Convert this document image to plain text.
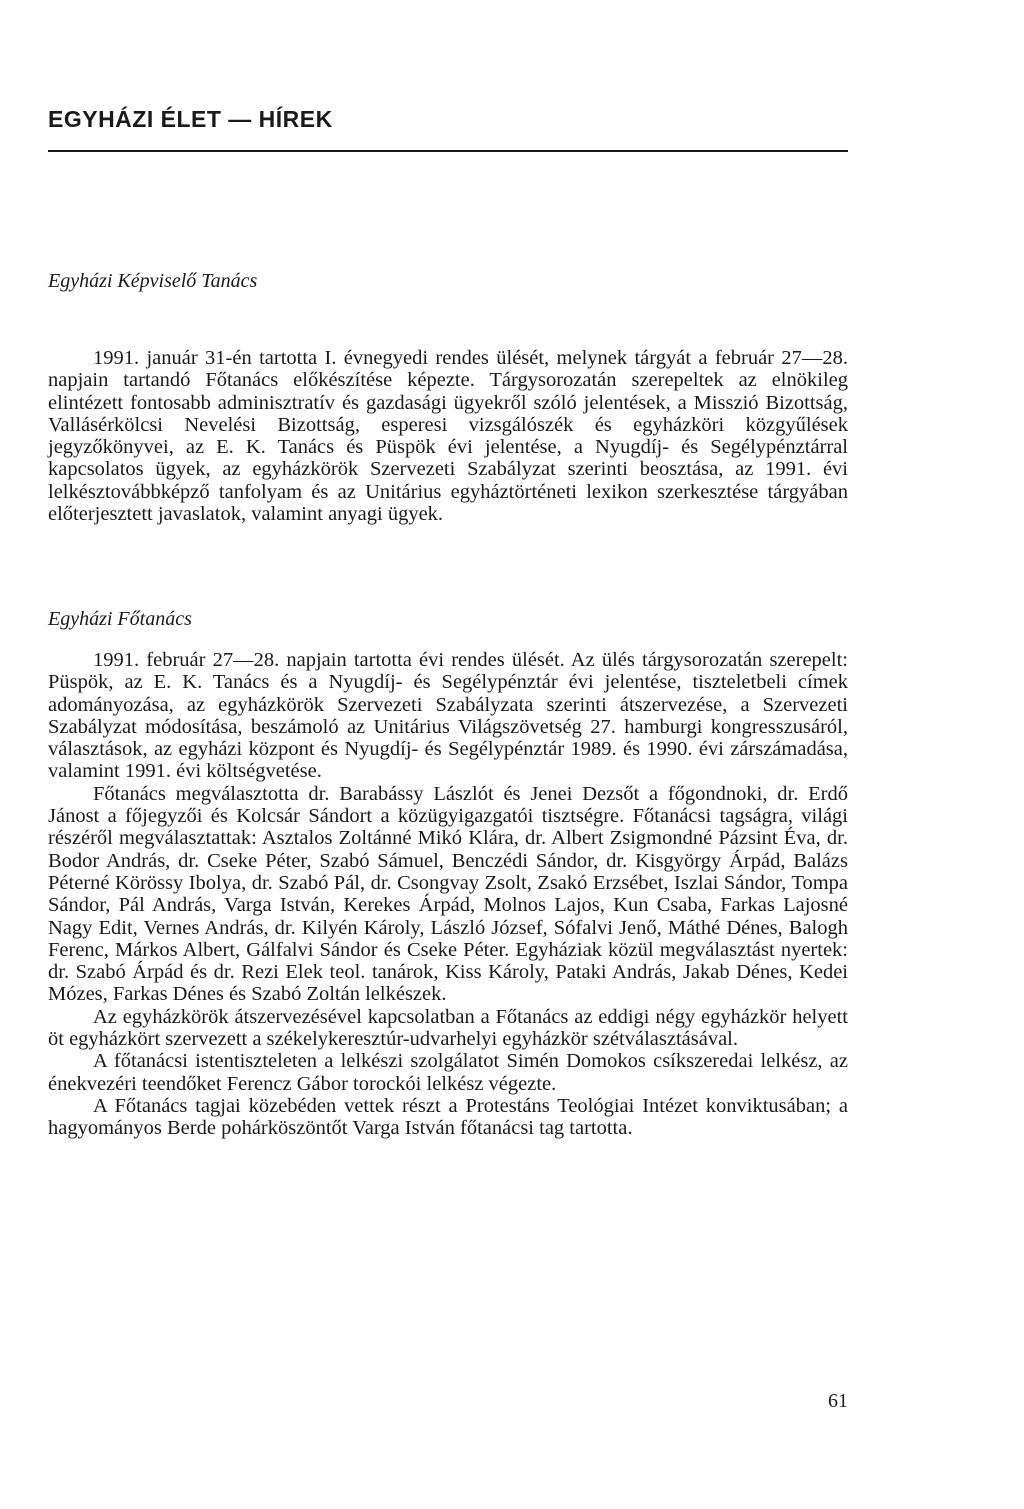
EGYHÁZI ÉLET — HÍREK
Egyházi Képviselő Tanács

1991. január 31-én tartotta I. évnegyedi rendes ülését, melynek tárgyát a február 27—28. napjain tartandó Főtanács előkészítése képezte. Tárgysorozatán szerepeltek az elnökileg elintézett fontosabb adminisztratív és gazdasági ügyekről szóló jelentések, a Misszió Bizottság, Vallásérkölcsi Nevelési Bizottság, esperesi vizsgálószék és egyházköri közgyűlések jegyzőkönyvei, az E. K. Tanács és Püspök évi jelentése, a Nyugdíj- és Segélypénztárral kapcsolatos ügyek, az egyházkörök Szervezeti Szabályzat szerinti beosztása, az 1991. évi lelkésztovábbképző tanfolyam és az Unitárius egyháztörténeti lexikon szerkesztése tárgyában előterjesztett javaslatok, valamint anyagi ügyek.

Egyházi Főtanács

1991. február 27—28. napjain tartotta évi rendes ülését. Az ülés tárgysorozatán szerepelt: Püspök, az E. K. Tanács és a Nyugdíj- és Segélypénztár évi jelentése, tiszteletbeli címek adományozása, az egyházkörök Szervezeti Szabályzata szerinti átszervezése, a Szervezeti Szabályzat módosítása, beszámoló az Unitárius Világszövetség 27. hamburgi kongresszusáról, választások, az egyházi központ és Nyugdíj- és Segélypénztár 1989. és 1990. évi zárszámadása, valamint 1991. évi költségvetése.

Főtanács megválasztotta dr. Barabássy Lászlót és Jenei Dezsőt a főgondnoki, dr. Erdő Jánost a főjegyzői és Kolcsár Sándort a közügyigazgatói tisztségre. Főtanácsi tagságra, világi részéről megválasztattak: Asztalos Zoltánné Mikó Klára, dr. Albert Zsigmondné Pázsint Éva, dr. Bodor András, dr. Cseke Péter, Szabó Sámuel, Benczédi Sándor, dr. Kisgyörgy Árpád, Balázs Péterné Körössy Ibolya, dr. Szabó Pál, dr. Csongvay Zsolt, Zsakó Erzsébet, Iszlai Sándor, Tompa Sándor, Pál András, Varga István, Kerekes Árpád, Molnos Lajos, Kun Csaba, Farkas Lajosné Nagy Edit, Vernes András, dr. Kilyén Károly, László József, Sófalvi Jenő, Máthé Dénes, Balogh Ferenc, Márkos Albert, Gálfalvi Sándor és Cseke Péter. Egyháziak közül megválasztást nyertek: dr. Szabó Árpád és dr. Rezi Elek teol. tanárok, Kiss Károly, Pataki András, Jakab Dénes, Kedei Mózes, Farkas Dénes és Szabó Zoltán lelkészek.

Az egyházkörök átszervezésével kapcsolatban a Főtanács az eddigi négy egyházkör helyett öt egyházkört szervezett a székelykeresztúr-udvarhelyi egyházkör szétválasztásával.

A főtanácsi istentiszteleten a lelkészi szolgálatot Simén Domokos csíkszeredai lelkész, az énekvezéri teendőket Ferencz Gábor torockói lelkész végezte.

A Főtanács tagjai közebéden vettek részt a Protestáns Teológiai Intézet konviktusában; a hagyományos Berde pohárköszöntőt Varga István főtanácsi tag tartotta.

61
